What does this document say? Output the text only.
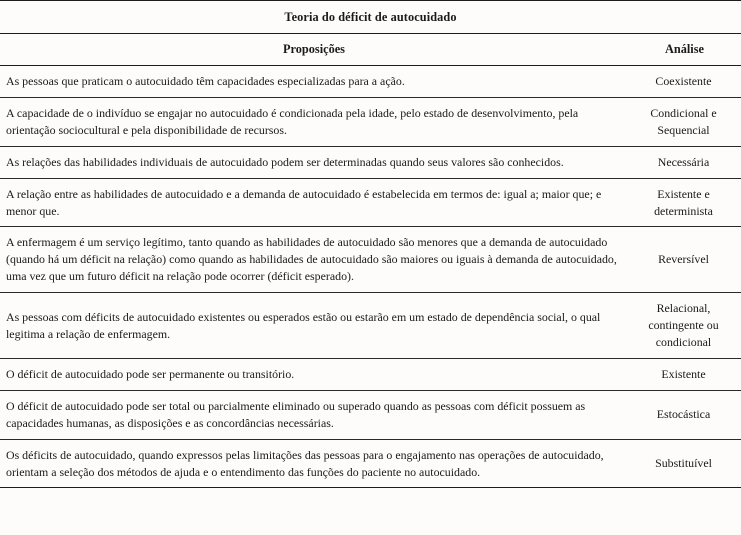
Teoria do déficit de autocuidado	
Proposições	Análise
As pessoas que praticam o autocuidado têm capacidades especializadas para a ação.	Coexistente
A capacidade de o indivíduo se engajar no autocuidado é condicionada pela idade, pelo estado de desenvolvimento, pela orientação sociocultural e pela disponibilidade de recursos.	Condicional e Sequencial
As relações das habilidades individuais de autocuidado podem ser determinadas quando seus valores são conhecidos.	Necessária
A relação entre as habilidades de autocuidado e a demanda de autocuidado é estabelecida em termos de: igual a; maior que; e menor que.	Existente e determinista
A enfermagem é um serviço legítimo, tanto quando as habilidades de autocuidado são menores que a demanda de autocuidado (quando há um déficit na relação) como quando as habilidades de autocuidado são maiores ou iguais à demanda de autocuidado, uma vez que um futuro déficit na relação pode ocorrer (déficit esperado).	Reversível
As pessoas com déficits de autocuidado existentes ou esperados estão ou estarão em um estado de dependência social, o qual legitima a relação de enfermagem.	Relacional, contingente ou condicional
O déficit de autocuidado pode ser permanente ou transitório.	Existente
O déficit de autocuidado pode ser total ou parcialmente eliminado ou superado quando as pessoas com déficit possuem as capacidades humanas, as disposições e as concordâncias necessárias.	Estocástica
Os déficits de autocuidado, quando expressos pelas limitações das pessoas para o engajamento nas operações de autocuidado, orientam a seleção dos métodos de ajuda e o entendimento das funções do paciente no autocuidado.	Substituível
